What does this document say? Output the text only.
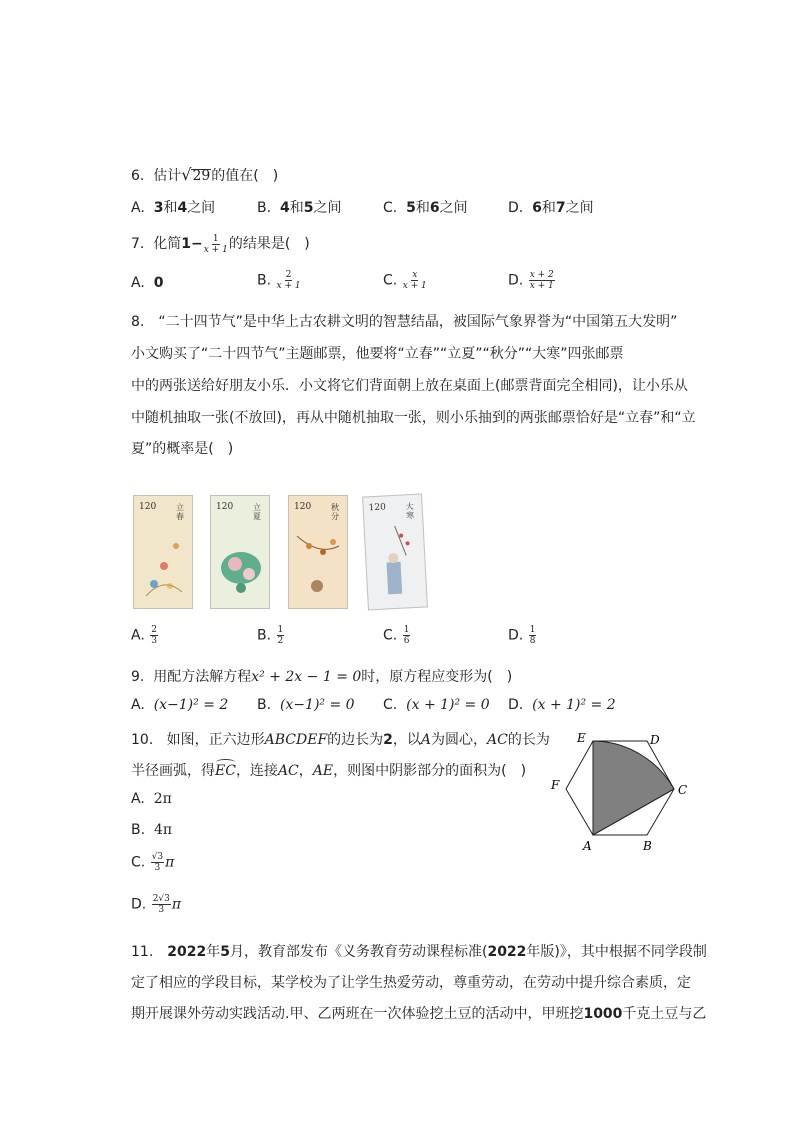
6. 估计√29的值在(　)
A. 3和4之间	B. 4和5之间	C. 5和6之间	D. 6和7之间
7. 化简$1- \frac{1}{x + 1}$ 的结果是(　)
A. 0	B. $\frac{2}{x + 1}$	C. $\frac{x}{x + 1}$	D. $\frac{x + 2}{x + 1}$
8.　“二十四节气”是中华上古农耕文明的智慧结晶，被国际气象界誉为“中国第五大发明”
小文购买了“二十四节气”主题邮票，他要将“立春”“立夏”“秋分”“大寒”四张邮票
中的两张送给好朋友小乐．小文将它们背面朝上放在桌面上(邮票背面完全相同)，让小乐从
中随机抽取一张(不放回)，再从中随机抽取一张，则小乐抽到的两张邮票恰好是“立春”和“立
夏”的概率是(　)
120 立春
120 立夏
120 秋分
120 大寒
A. $\frac{2}{3}$	B. $\frac{1}{2}$	C. $\frac{1}{6}$	D. $\frac{1}{8}$
9. 用配方法解方程x² + 2x − 1 = 0时，原方程应变形为(　)
A. (x−1)² = 2 B. (x−1)² = 0 C. (x + 1)² = 0 D. (x + 1)² = 2
10. 如图，正六边形ABCDEF的边长为2，以A为圆心，AC的长为
半径画弧，得EC，连接AC，AE，则图中阴影部分的面积为(　)
A. 2π
B. 4π
C. $\frac{√3}{3}$ π
D. $\frac{2√3}{3}$ π
A	B
C
D
E
F
11.　2022年5月，教育部发布《义务教育劳动课程标准(2022年版)》，其中根据不同学段制
定了相应的学段目标，某学校为了让学生热爱劳动，尊重劳动，在劳动中提升综合素质，定
期开展课外劳动实践活动.甲、乙两班在一次体验挖土豆的活动中，甲班挖1000千克土豆与乙
